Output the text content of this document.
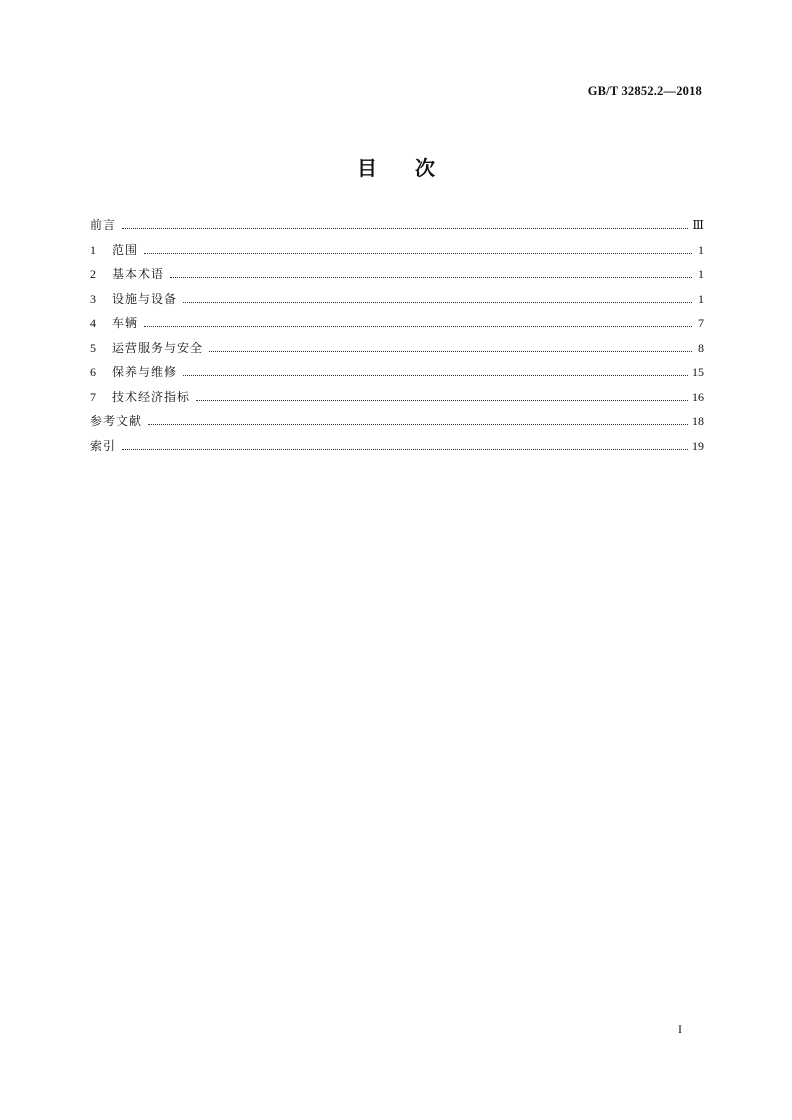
GB/T 32852.2—2018
目 次
前言	Ⅲ
1	范围	1
2	基本术语	1
3	设施与设备	1
4	车辆	7
5	运营服务与安全	8
6	保养与维修	15
7	技术经济指标	16
参考文献	18
索引	19
I
